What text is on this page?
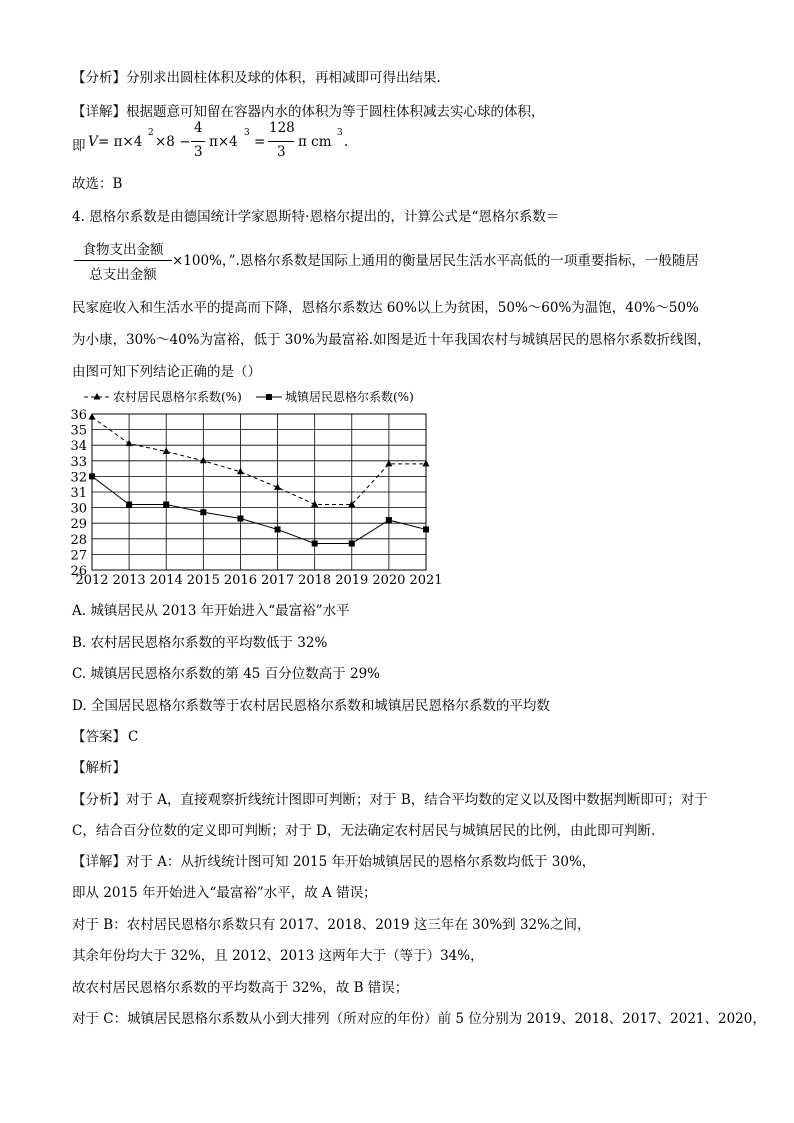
【分析】分别求出圆柱体积及球的体积，再相减即可得出结果.
【详解】根据题意可知留在容器内水的体积为等于圆柱体积减去实心球的体积，
即 V = π×4
2
×8 −
4
3
π×4
3
=
128
3
π cm
3
.
故选：B
4. 恩格尔系数是由德国统计学家恩斯特·恩格尔提出的，计算公式是“恩格尔系数＝
食物支出金额
总支出金额
×100%，”.恩格尔系数是国际上通用的衡量居民生活水平高低的一项重要指标，一般随居
民家庭收入和生活水平的提高而下降，恩格尔系数达 60%以上为贫困，50%～60%为温饱，40%～50%
为小康，30%～40%为富裕，低于 30%为最富裕.如图是近十年我国农村与城镇居民的恩格尔系数折线图，
由图可知下列结论正确的是（）
26
27
28
29
30
31
32
33
34
35
36
2012 2013 2014 2015 2016 2017 2018 2019 2020 2021
农村居民恩格尔系数(%)	城镇居民恩格尔系数(%)
A. 城镇居民从 2013 年开始进入“最富裕”水平
B. 农村居民恩格尔系数的平均数低于 32%
C. 城镇居民恩格尔系数的第 45 百分位数高于 29%
D. 全国居民恩格尔系数等于农村居民恩格尔系数和城镇居民恩格尔系数的平均数
【答案】 C
【解析】
【分析】对于 A，直接观察折线统计图即可判断；对于 B，结合平均数的定义以及图中数据判断即可；对于
C，结合百分位数的定义即可判断；对于 D，无法确定农村居民与城镇居民的比例，由此即可判断.
【详解】对于 A：从折线统计图可知 2015 年开始城镇居民的恩格尔系数均低于 30%，
即从 2015 年开始进入“最富裕”水平，故 A 错误；
对于 B：农村居民恩格尔系数只有 2017、2018、2019 这三年在 30%到 32%之间，
其余年份均大于 32%，且 2012、2013 这两年大于（等于）34%，
故农村居民恩格尔系数的平均数高于 32%，故 B 错误；
对于 C：城镇居民恩格尔系数从小到大排列（所对应的年份）前 5 位分别为 2019、2018、2017、2021、2020，
